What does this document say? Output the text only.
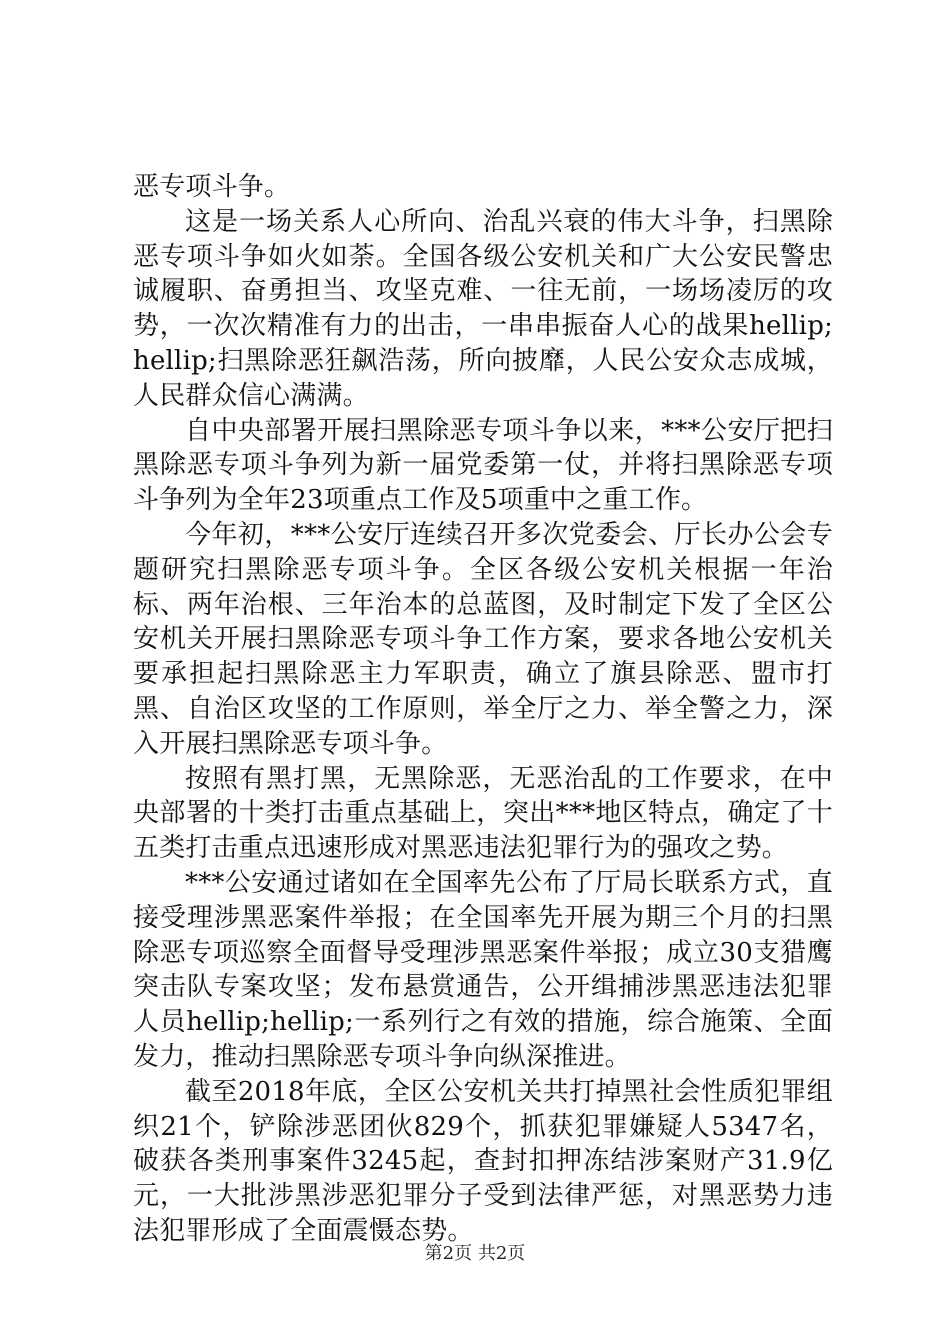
恶专项斗争。

这是一场关系人心所向、治乱兴衰的伟大斗争，扫黑除恶专项斗争如火如荼。全国各级公安机关和广大公安民警忠诚履职、奋勇担当、攻坚克难、一往无前，一场场凌厉的攻势，一次次精准有力的出击，一串串振奋人心的战果hellip;hellip;扫黑除恶狂飙浩荡，所向披靡，人民公安众志成城，人民群众信心满满。

自中央部署开展扫黑除恶专项斗争以来，***公安厅把扫黑除恶专项斗争列为新一届党委第一仗，并将扫黑除恶专项斗争列为全年23项重点工作及5项重中之重工作。

今年初，***公安厅连续召开多次党委会、厅长办公会专题研究扫黑除恶专项斗争。全区各级公安机关根据一年治标、两年治根、三年治本的总蓝图，及时制定下发了全区公安机关开展扫黑除恶专项斗争工作方案，要求各地公安机关要承担起扫黑除恶主力军职责，确立了旗县除恶、盟市打黑、自治区攻坚的工作原则，举全厅之力、举全警之力，深入开展扫黑除恶专项斗争。

按照有黑打黑，无黑除恶，无恶治乱的工作要求，在中央部署的十类打击重点基础上，突出***地区特点，确定了十五类打击重点迅速形成对黑恶违法犯罪行为的强攻之势。

***公安通过诸如在全国率先公布了厅局长联系方式，直接受理涉黑恶案件举报；在全国率先开展为期三个月的扫黑除恶专项巡察全面督导受理涉黑恶案件举报；成立30支猎鹰突击队专案攻坚；发布悬赏通告，公开缉捕涉黑恶违法犯罪人员hellip;hellip;一系列行之有效的措施，综合施策、全面发力，推动扫黑除恶专项斗争向纵深推进。

截至2018年底，全区公安机关共打掉黑社会性质犯罪组织21个，铲除涉恶团伙829个，抓获犯罪嫌疑人5347名，破获各类刑事案件3245起，查封扣押冻结涉案财产31.9亿元，一大批涉黑涉恶犯罪分子受到法律严惩，对黑恶势力违法犯罪形成了全面震慑态势。

第2页 共2页
